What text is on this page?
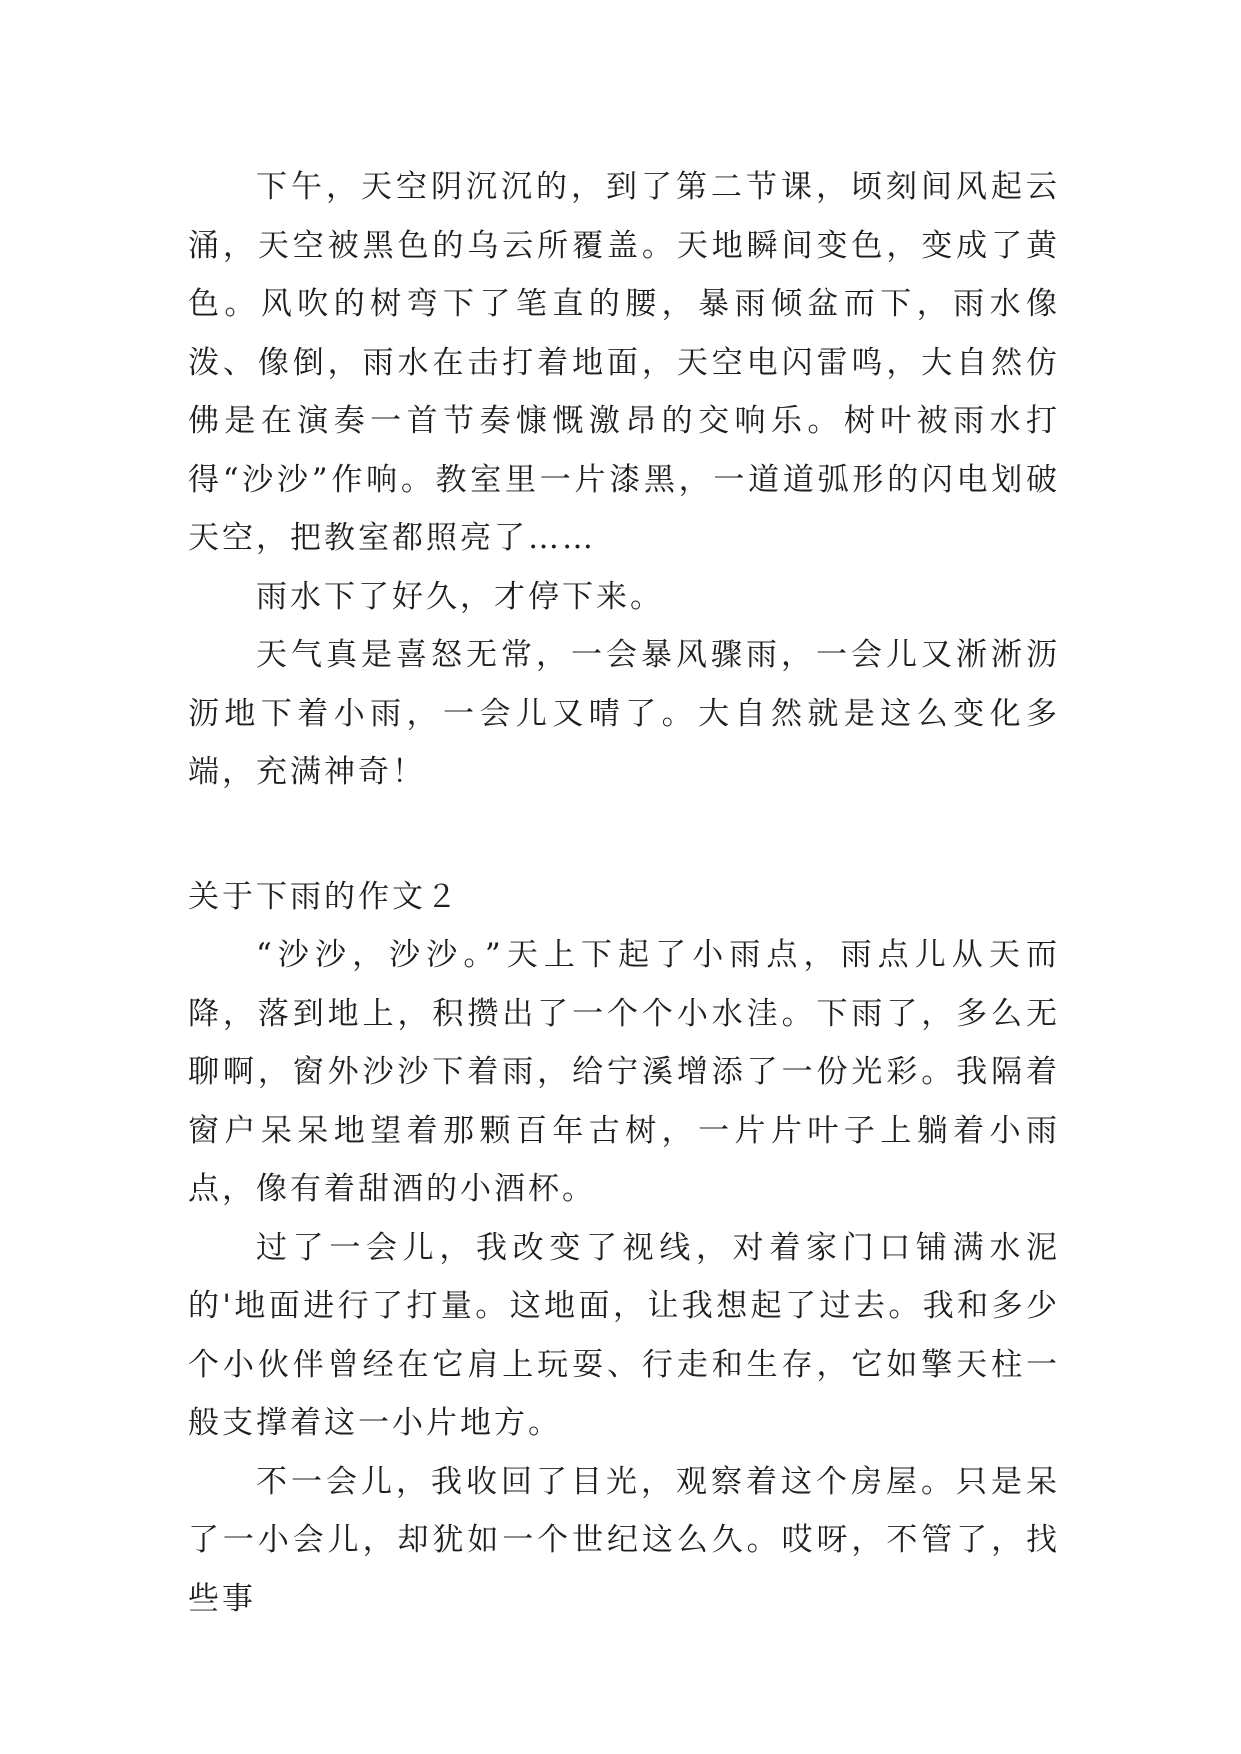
下午，天空阴沉沉的，到了第二节课，顷刻间风起云涌，天空被黑色的乌云所覆盖。天地瞬间变色，变成了黄色。风吹的树弯下了笔直的腰，暴雨倾盆而下，雨水像泼、像倒，雨水在击打着地面，天空电闪雷鸣，大自然仿佛是在演奏一首节奏慷慨激昂的交响乐。树叶被雨水打得“沙沙”作响。教室里一片漆黑，一道道弧形的闪电划破天空，把教室都照亮了……

雨水下了好久，才停下来。

天气真是喜怒无常，一会暴风骤雨，一会儿又淅淅沥沥地下着小雨，一会儿又晴了。大自然就是这么变化多端，充满神奇！

关于下雨的作文２

“沙沙，沙沙。”天上下起了小雨点，雨点儿从天而降，落到地上，积攒出了一个个小水洼。下雨了，多么无聊啊，窗外沙沙下着雨，给宁溪增添了一份光彩。我隔着窗户呆呆地望着那颗百年古树，一片片叶子上躺着小雨点，像有着甜酒的小酒杯。

过了一会儿，我改变了视线，对着家门口铺满水泥的'地面进行了打量。这地面，让我想起了过去。我和多少个小伙伴曾经在它肩上玩耍、行走和生存，它如擎天柱一般支撑着这一小片地方。

不一会儿，我收回了目光，观察着这个房屋。只是呆了一小会儿，却犹如一个世纪这么久。哎呀，不管了，找些事
